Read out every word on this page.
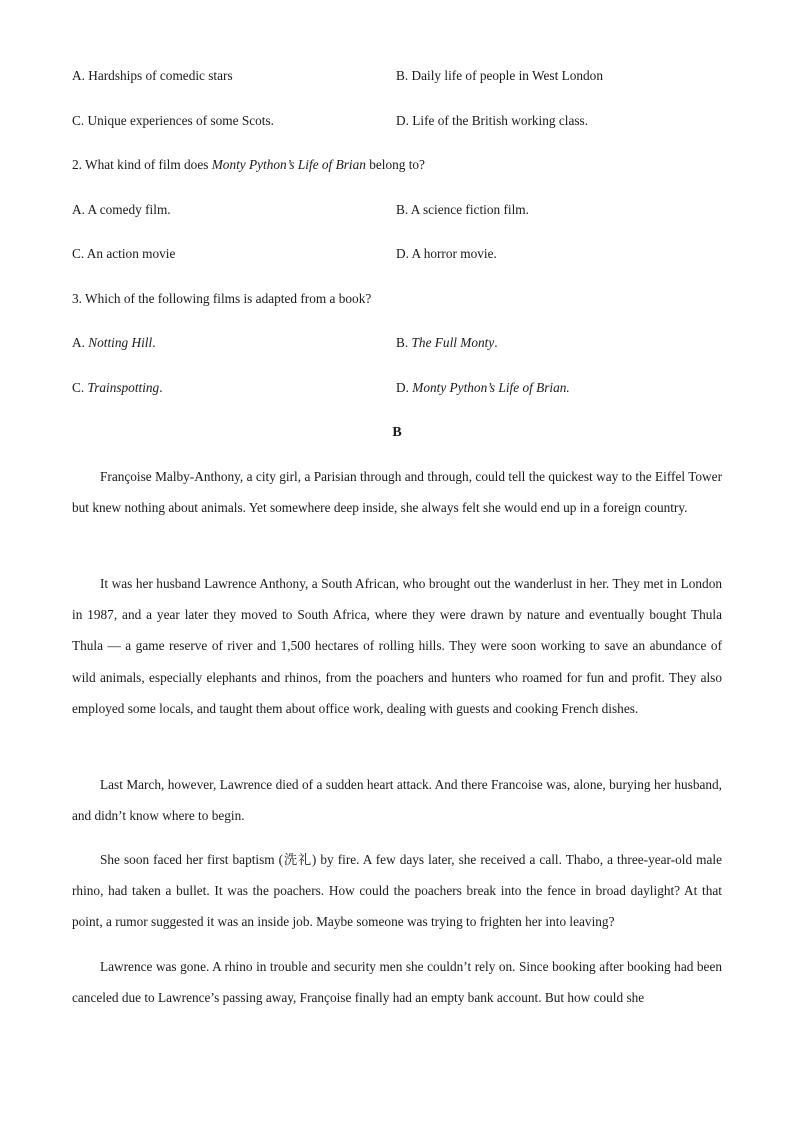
A. Hardships of comedic stars	B. Daily life of people in West London
C. Unique experiences of some Scots.	D. Life of the British working class.
2. What kind of film does Monty Python’s Life of Brian belong to?
A. A comedy film.	B. A science fiction film.
C. An action movie	D. A horror movie.
3. Which of the following films is adapted from a book?
A. Notting Hill.	B. The Full Monty.
C. Trainspotting.	D. Monty Python’s Life of Brian.
B

Françoise Malby-Anthony, a city girl, a Parisian through and through, could tell the quickest way to the Eiffel Tower but knew nothing about animals. Yet somewhere deep inside, she always felt she would end up in a foreign country.

It was her husband Lawrence Anthony, a South African, who brought out the wanderlust in her. They met in London in 1987, and a year later they moved to South Africa, where they were drawn by nature and eventually bought Thula Thula — a game reserve of river and 1,500 hectares of rolling hills. They were soon working to save an abundance of wild animals, especially elephants and rhinos, from the poachers and hunters who roamed for fun and profit. They also employed some locals, and taught them about office work, dealing with guests and cooking French dishes.

Last March, however, Lawrence died of a sudden heart attack. And there Francoise was, alone, burying her husband, and didn’t know where to begin.

She soon faced her first baptism (洗礼) by fire. A few days later, she received a call. Thabo, a three-year-old male rhino, had taken a bullet. It was the poachers. How could the poachers break into the fence in broad daylight? At that point, a rumor suggested it was an inside job. Maybe someone was trying to frighten her into leaving?

Lawrence was gone. A rhino in trouble and security men she couldn’t rely on. Since booking after booking had been canceled due to Lawrence’s passing away, Françoise finally had an empty bank account. But how could she
